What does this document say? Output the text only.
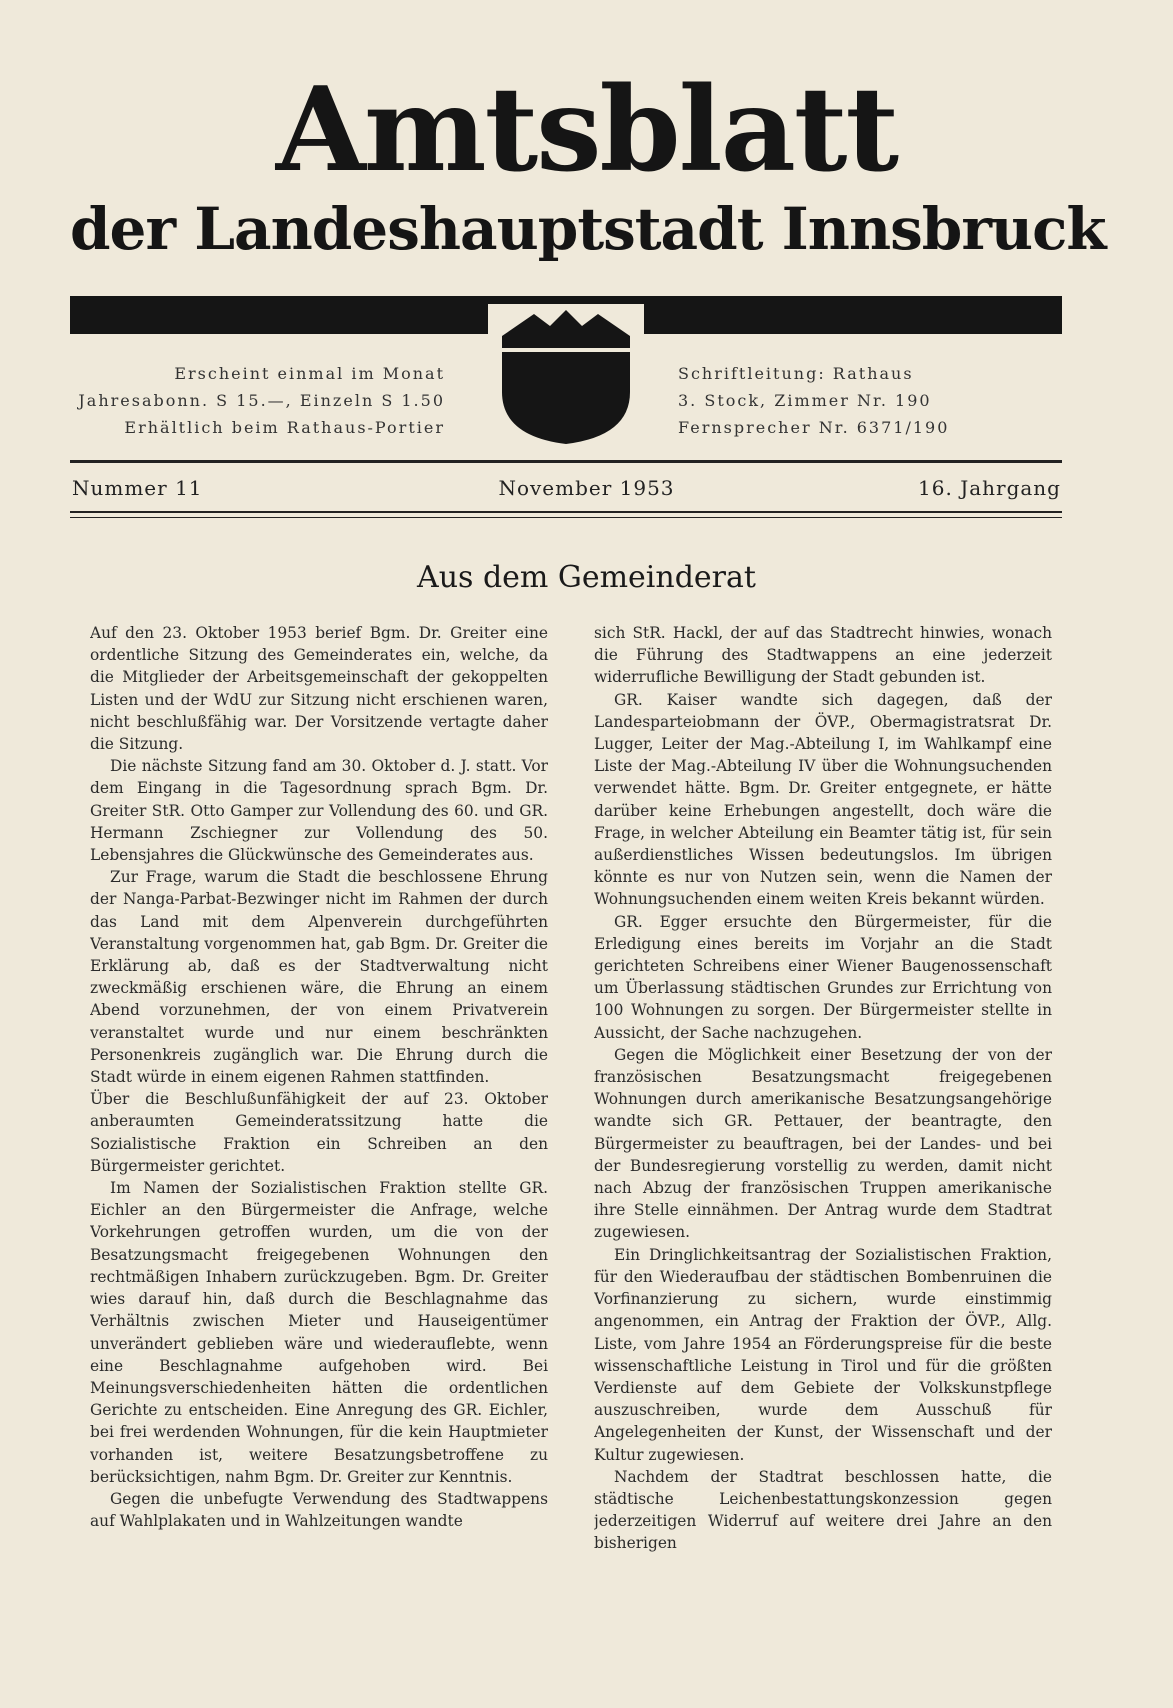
Amtsblatt
der Landeshauptstadt Innsbruck
Erscheint einmal im Monat
Jahresabonn. S 15.—, Einzeln S 1.50
Erhältlich beim Rathaus-Portier
Schriftleitung: Rathaus
3. Stock, Zimmer Nr. 190
Fernsprecher Nr. 6371/190
Nummer 11	November 1953	16. Jahrgang
Aus dem Gemeinderat

Auf den 23. Oktober 1953 berief Bgm. Dr. Greiter eine ordentliche Sitzung des Gemeinderates ein, welche, da die Mitglieder der Arbeitsgemeinschaft der gekoppelten Listen und der WdU zur Sitzung nicht erschienen waren, nicht beschlußfähig war. Der Vorsitzende vertagte daher die Sitzung.

Die nächste Sitzung fand am 30. Oktober d. J. statt. Vor dem Eingang in die Tagesordnung sprach Bgm. Dr. Greiter StR. Otto Gamper zur Vollendung des 60. und GR. Hermann Zschiegner zur Vollendung des 50. Lebensjahres die Glückwünsche des Gemeinderates aus.

Zur Frage, warum die Stadt die beschlossene Ehrung der Nanga-Parbat-Bezwinger nicht im Rahmen der durch das Land mit dem Alpenverein durchgeführten Veranstaltung vorgenommen hat, gab Bgm. Dr. Greiter die Erklärung ab, daß es der Stadtverwaltung nicht zweckmäßig erschienen wäre, die Ehrung an einem Abend vorzunehmen, der von einem Privatverein veranstaltet wurde und nur einem beschränkten Personenkreis zugänglich war. Die Ehrung durch die Stadt würde in einem eigenen Rahmen stattfinden.

Über die Beschlußunfähigkeit der auf 23. Oktober anberaumten Gemeinderatssitzung hatte die Sozialistische Fraktion ein Schreiben an den Bürgermeister gerichtet.

Im Namen der Sozialistischen Fraktion stellte GR. Eichler an den Bürgermeister die Anfrage, welche Vorkehrungen getroffen wurden, um die von der Besatzungsmacht freigegebenen Wohnungen den rechtmäßigen Inhabern zurückzugeben. Bgm. Dr. Greiter wies darauf hin, daß durch die Beschlagnahme das Verhältnis zwischen Mieter und Hauseigentümer unverändert geblieben wäre und wiederauflebte, wenn eine Beschlagnahme aufgehoben wird. Bei Meinungsverschiedenheiten hätten die ordentlichen Gerichte zu entscheiden. Eine Anregung des GR. Eichler, bei frei werdenden Wohnungen, für die kein Hauptmieter vorhanden ist, weitere Besatzungsbetroffene zu berücksichtigen, nahm Bgm. Dr. Greiter zur Kenntnis.

Gegen die unbefugte Verwendung des Stadtwappens auf Wahlplakaten und in Wahlzeitungen wandte

sich StR. Hackl, der auf das Stadtrecht hinwies, wonach die Führung des Stadtwappens an eine jederzeit widerrufliche Bewilligung der Stadt gebunden ist.

GR. Kaiser wandte sich dagegen, daß der Landesparteiobmann der ÖVP., Obermagistratsrat Dr. Lugger, Leiter der Mag.-Abteilung I, im Wahlkampf eine Liste der Mag.-Abteilung IV über die Wohnungsuchenden verwendet hätte. Bgm. Dr. Greiter entgegnete, er hätte darüber keine Erhebungen angestellt, doch wäre die Frage, in welcher Abteilung ein Beamter tätig ist, für sein außerdienstliches Wissen bedeutungslos. Im übrigen könnte es nur von Nutzen sein, wenn die Namen der Wohnungsuchenden einem weiten Kreis bekannt würden.

GR. Egger ersuchte den Bürgermeister, für die Erledigung eines bereits im Vorjahr an die Stadt gerichteten Schreibens einer Wiener Baugenossenschaft um Überlassung städtischen Grundes zur Errichtung von 100 Wohnungen zu sorgen. Der Bürgermeister stellte in Aussicht, der Sache nachzugehen.

Gegen die Möglichkeit einer Besetzung der von der französischen Besatzungsmacht freigegebenen Wohnungen durch amerikanische Besatzungsangehörige wandte sich GR. Pettauer, der beantragte, den Bürgermeister zu beauftragen, bei der Landes- und bei der Bundesregierung vorstellig zu werden, damit nicht nach Abzug der französischen Truppen amerikanische ihre Stelle einnähmen. Der Antrag wurde dem Stadtrat zugewiesen.

Ein Dringlichkeitsantrag der Sozialistischen Fraktion, für den Wiederaufbau der städtischen Bombenruinen die Vorfinanzierung zu sichern, wurde einstimmig angenommen, ein Antrag der Fraktion der ÖVP., Allg. Liste, vom Jahre 1954 an Förderungspreise für die beste wissenschaftliche Leistung in Tirol und für die größten Verdienste auf dem Gebiete der Volkskunstpflege auszuschreiben, wurde dem Ausschuß für Angelegenheiten der Kunst, der Wissenschaft und der Kultur zugewiesen.

Nachdem der Stadtrat beschlossen hatte, die städtische Leichenbestattungskonzession gegen jederzeitigen Widerruf auf weitere drei Jahre an den bisherigen
